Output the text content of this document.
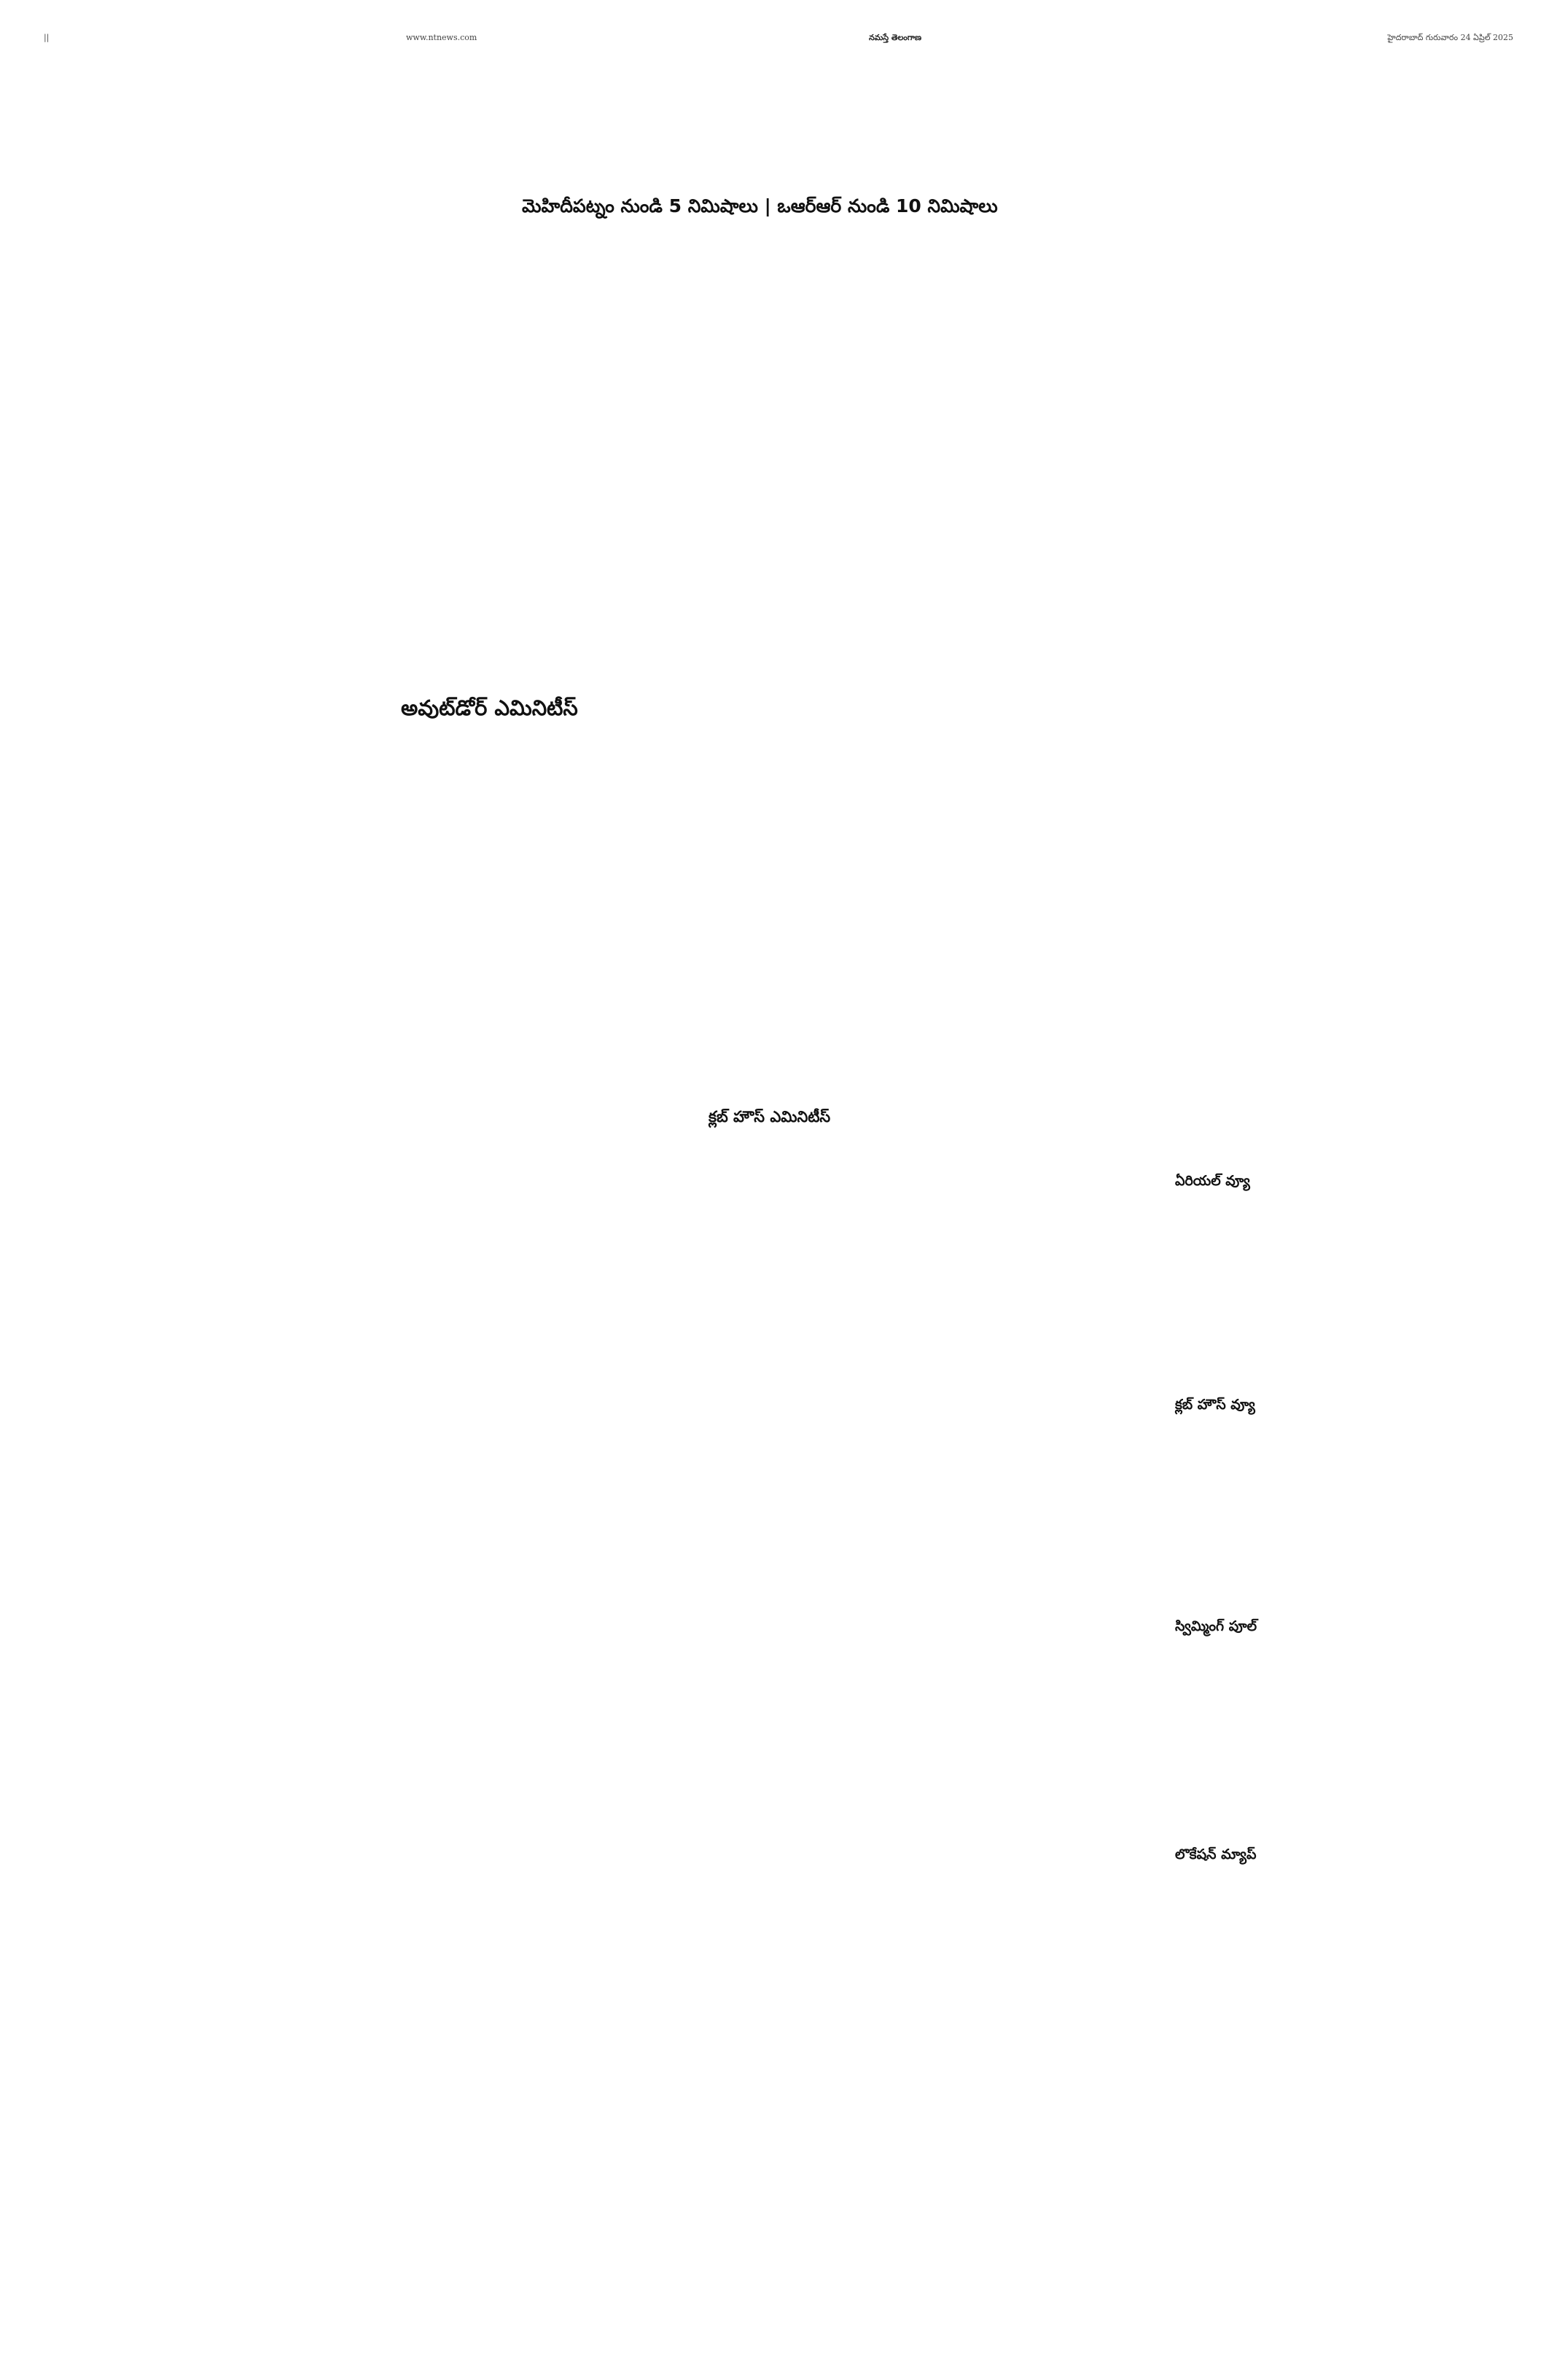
||	www.ntnews.com	నమస్తే తెలంగాణ	హైదరాబాద్ గురువారం 24 ఏప్రిల్ 2025
మెహిదీపట్నం నుండి 5 నిమిషాలు | ఒఆర్ఆర్ నుండి 10 నిమిషాలు
అవుట్‌డోర్ ఎమినిటీస్
క్లబ్ హౌస్ ఎమినిటీస్
ఏరియల్ వ్యూ
క్లబ్ హౌస్ వ్యూ
స్విమ్మింగ్ పూల్
లొకేషన్ మ్యాప్
